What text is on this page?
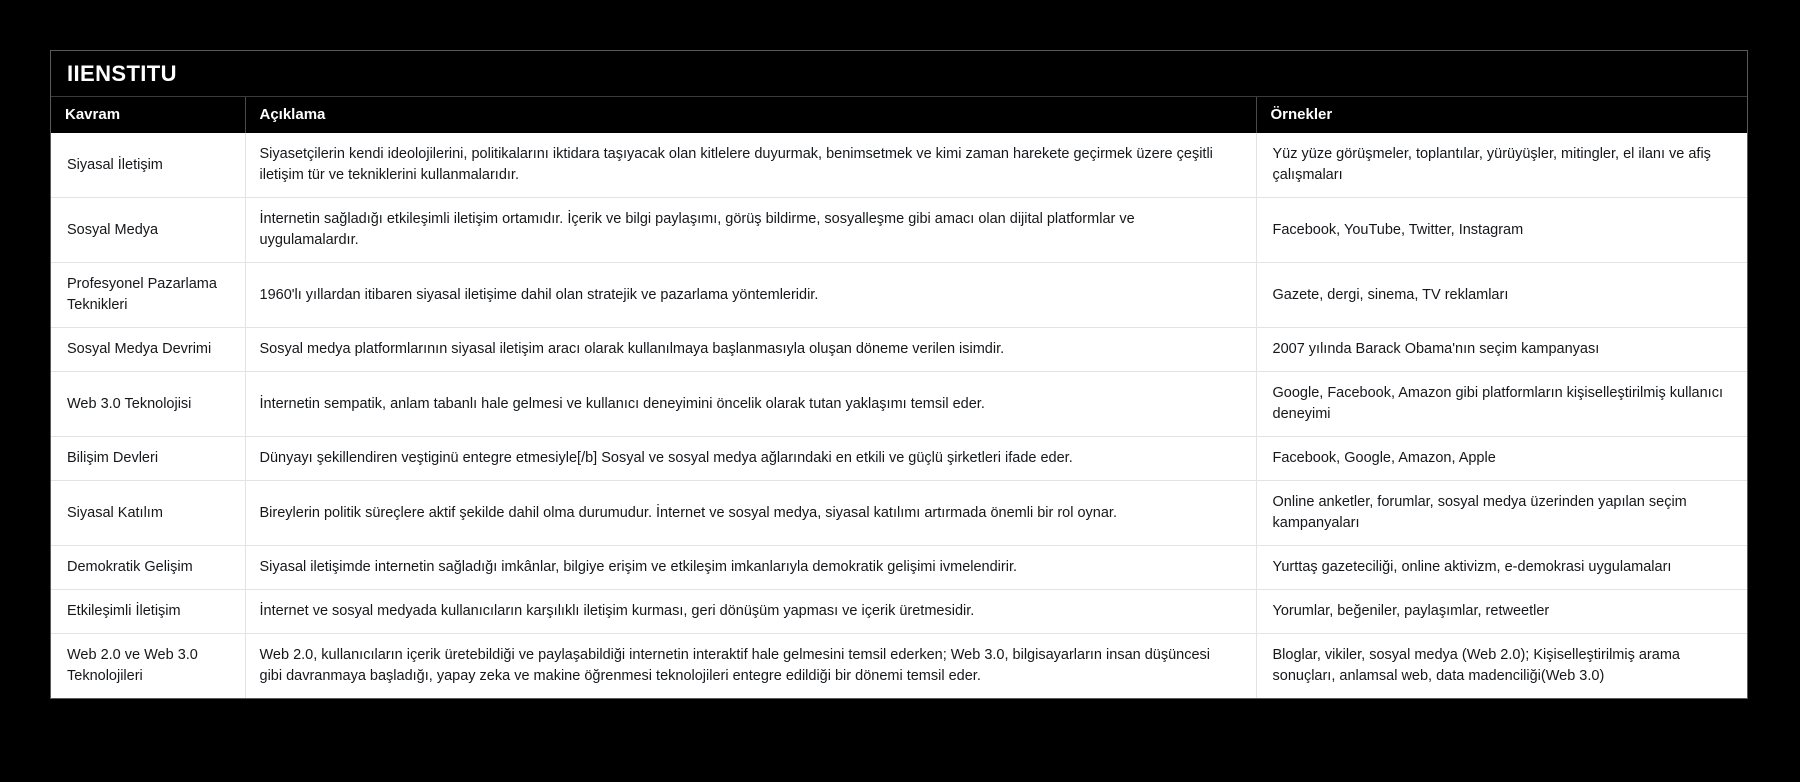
IIENSTITU
Kavram	Açıklama	Örnekler
Siyasal İletişim	Siyasetçilerin kendi ideolojilerini, politikalarını iktidara taşıyacak olan kitlelere duyurmak, benimsetmek ve kimi zaman harekete geçirmek üzere çeşitli iletişim tür ve tekniklerini kullanmalarıdır.	Yüz yüze görüşmeler, toplantılar, yürüyüşler, mitingler, el ilanı ve afiş çalışmaları
Sosyal Medya	İnternetin sağladığı etkileşimli iletişim ortamıdır. İçerik ve bilgi paylaşımı, görüş bildirme, sosyalleşme gibi amacı olan dijital platformlar ve uygulamalardır.	Facebook, YouTube, Twitter, Instagram
Profesyonel Pazarlama Teknikleri	1960'lı yıllardan itibaren siyasal iletişime dahil olan stratejik ve pazarlama yöntemleridir.	Gazete, dergi, sinema, TV reklamları
Sosyal Medya Devrimi	Sosyal medya platformlarının siyasal iletişim aracı olarak kullanılmaya başlanmasıyla oluşan döneme verilen isimdir.	2007 yılında Barack Obama'nın seçim kampanyası
Web 3.0 Teknolojisi	İnternetin sempatik, anlam tabanlı hale gelmesi ve kullanıcı deneyimini öncelik olarak tutan yaklaşımı temsil eder.	Google, Facebook, Amazon gibi platformların kişiselleştirilmiş kullanıcı deneyimi
Bilişim Devleri	Dünyayı şekillendiren veştiginü entegre etmesiyle[/b] Sosyal ve sosyal medya ağlarındaki en etkili ve güçlü şirketleri ifade eder.	Facebook, Google, Amazon, Apple
Siyasal Katılım	Bireylerin politik süreçlere aktif şekilde dahil olma durumudur. İnternet ve sosyal medya, siyasal katılımı artırmada önemli bir rol oynar.	Online anketler, forumlar, sosyal medya üzerinden yapılan seçim kampanyaları
Demokratik Gelişim	Siyasal iletişimde internetin sağladığı imkânlar, bilgiye erişim ve etkileşim imkanlarıyla demokratik gelişimi ivmelendirir.	Yurttaş gazeteciliği, online aktivizm, e-demokrasi uygulamaları
Etkileşimli İletişim	İnternet ve sosyal medyada kullanıcıların karşılıklı iletişim kurması, geri dönüşüm yapması ve içerik üretmesidir.	Yorumlar, beğeniler, paylaşımlar, retweetler
Web 2.0 ve Web 3.0 Teknolojileri	Web 2.0, kullanıcıların içerik üretebildiği ve paylaşabildiği internetin interaktif hale gelmesini temsil ederken; Web 3.0, bilgisayarların insan düşüncesi gibi davranmaya başladığı, yapay zeka ve makine öğrenmesi teknolojileri entegre edildiği bir dönemi temsil eder.	Bloglar, vikiler, sosyal medya (Web 2.0); Kişiselleştirilmiş arama sonuçları, anlamsal web, data madenciliği(Web 3.0)
